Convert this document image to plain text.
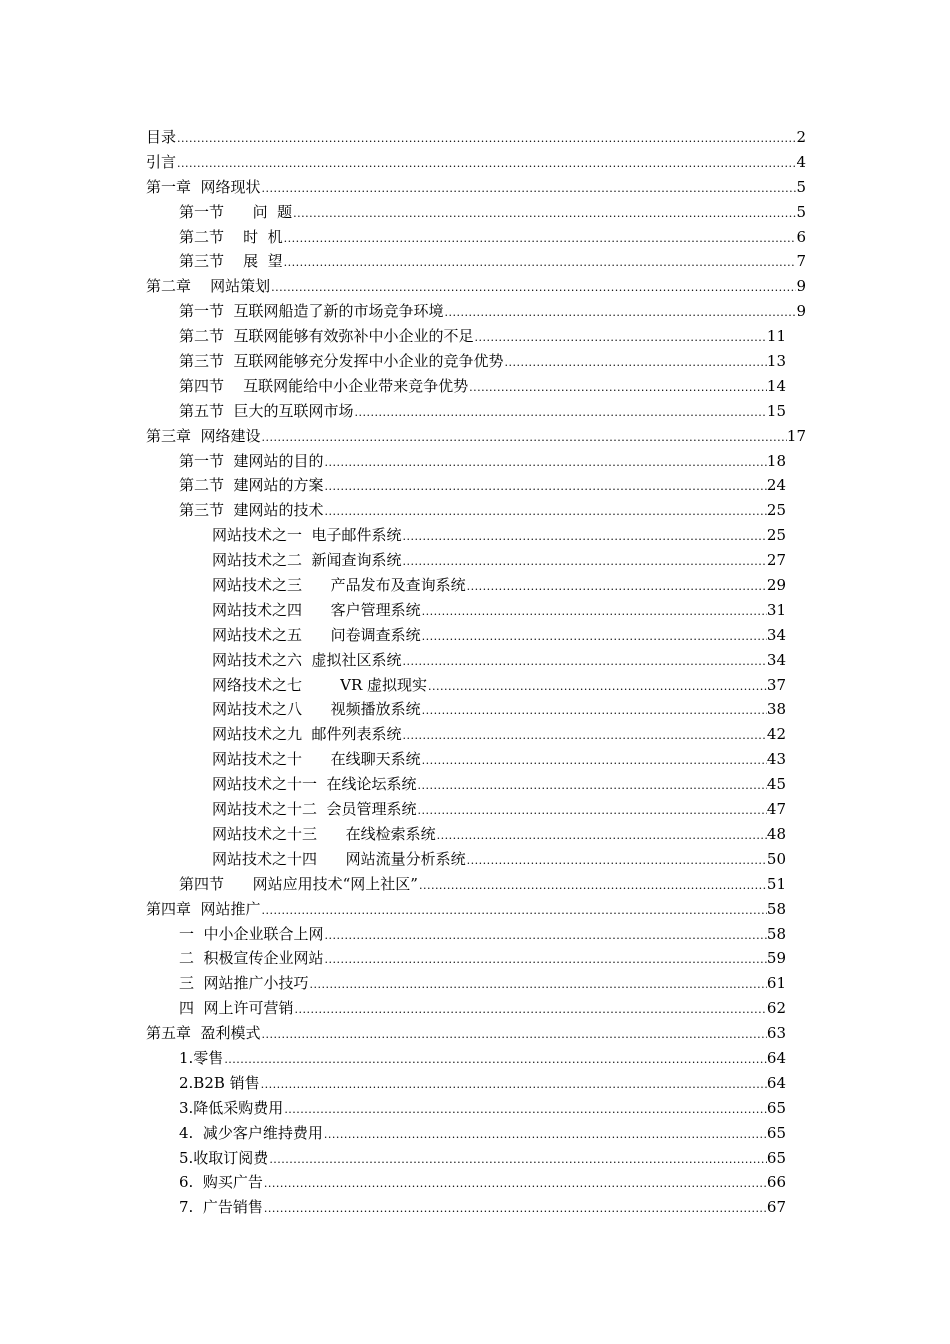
目录 .....	2
引言 .....	4
第一章  网络现状 .....	5
第一节      问  题 .....	5
第二节    时  机 .....	6
第三节    展  望 .....	7
第二章    网站策划 .....	9
第一节  互联网船造了新的市场竞争环境 .....	9
第二节  互联网能够有效弥补中小企业的不足 .....	11
第三节  互联网能够充分发挥中小企业的竞争优势 .....	13
第四节    互联网能给中小企业带来竞争优势 .....	14
第五节  巨大的互联网市场 .....	15
第三章  网络建设 .....	17
第一节  建网站的目的 .....	18
第二节  建网站的方案 .....	24
第三节  建网站的技术 .....	25
网站技术之一  电子邮件系统 .....	25
网站技术之二  新闻查询系统 .....	27
网站技术之三      产品发布及查询系统 .....	29
网站技术之四      客户管理系统 .....	31
网站技术之五      问卷调查系统 .....	34
网站技术之六  虚拟社区系统 .....	34
网络技术之七        VR 虚拟现实 .....	37
网站技术之八      视频播放系统 .....	38
网站技术之九  邮件列表系统 .....	42
网站技术之十      在线聊天系统 .....	43
网站技术之十一  在线论坛系统 .....	45
网站技术之十二  会员管理系统 .....	47
网站技术之十三      在线检索系统 .....	48
网站技术之十四      网站流量分析系统 .....	50
第四节      网站应用技术“网上社区” .....	51
第四章  网站推广 .....	58
一  中小企业联合上网 .....	58
二  积极宣传企业网站 .....	59
三  网站推广小技巧 .....	61
四  网上许可营销 .....	62
第五章  盈利模式 .....	63
1.零售 .....	64
2.B2B 销售 .....	64
3.降低采购费用 .....	65
4.  减少客户维持费用 .....	65
5.收取订阅费 .....	65
6.  购买广告 .....	66
7.  广告销售 .....	67
